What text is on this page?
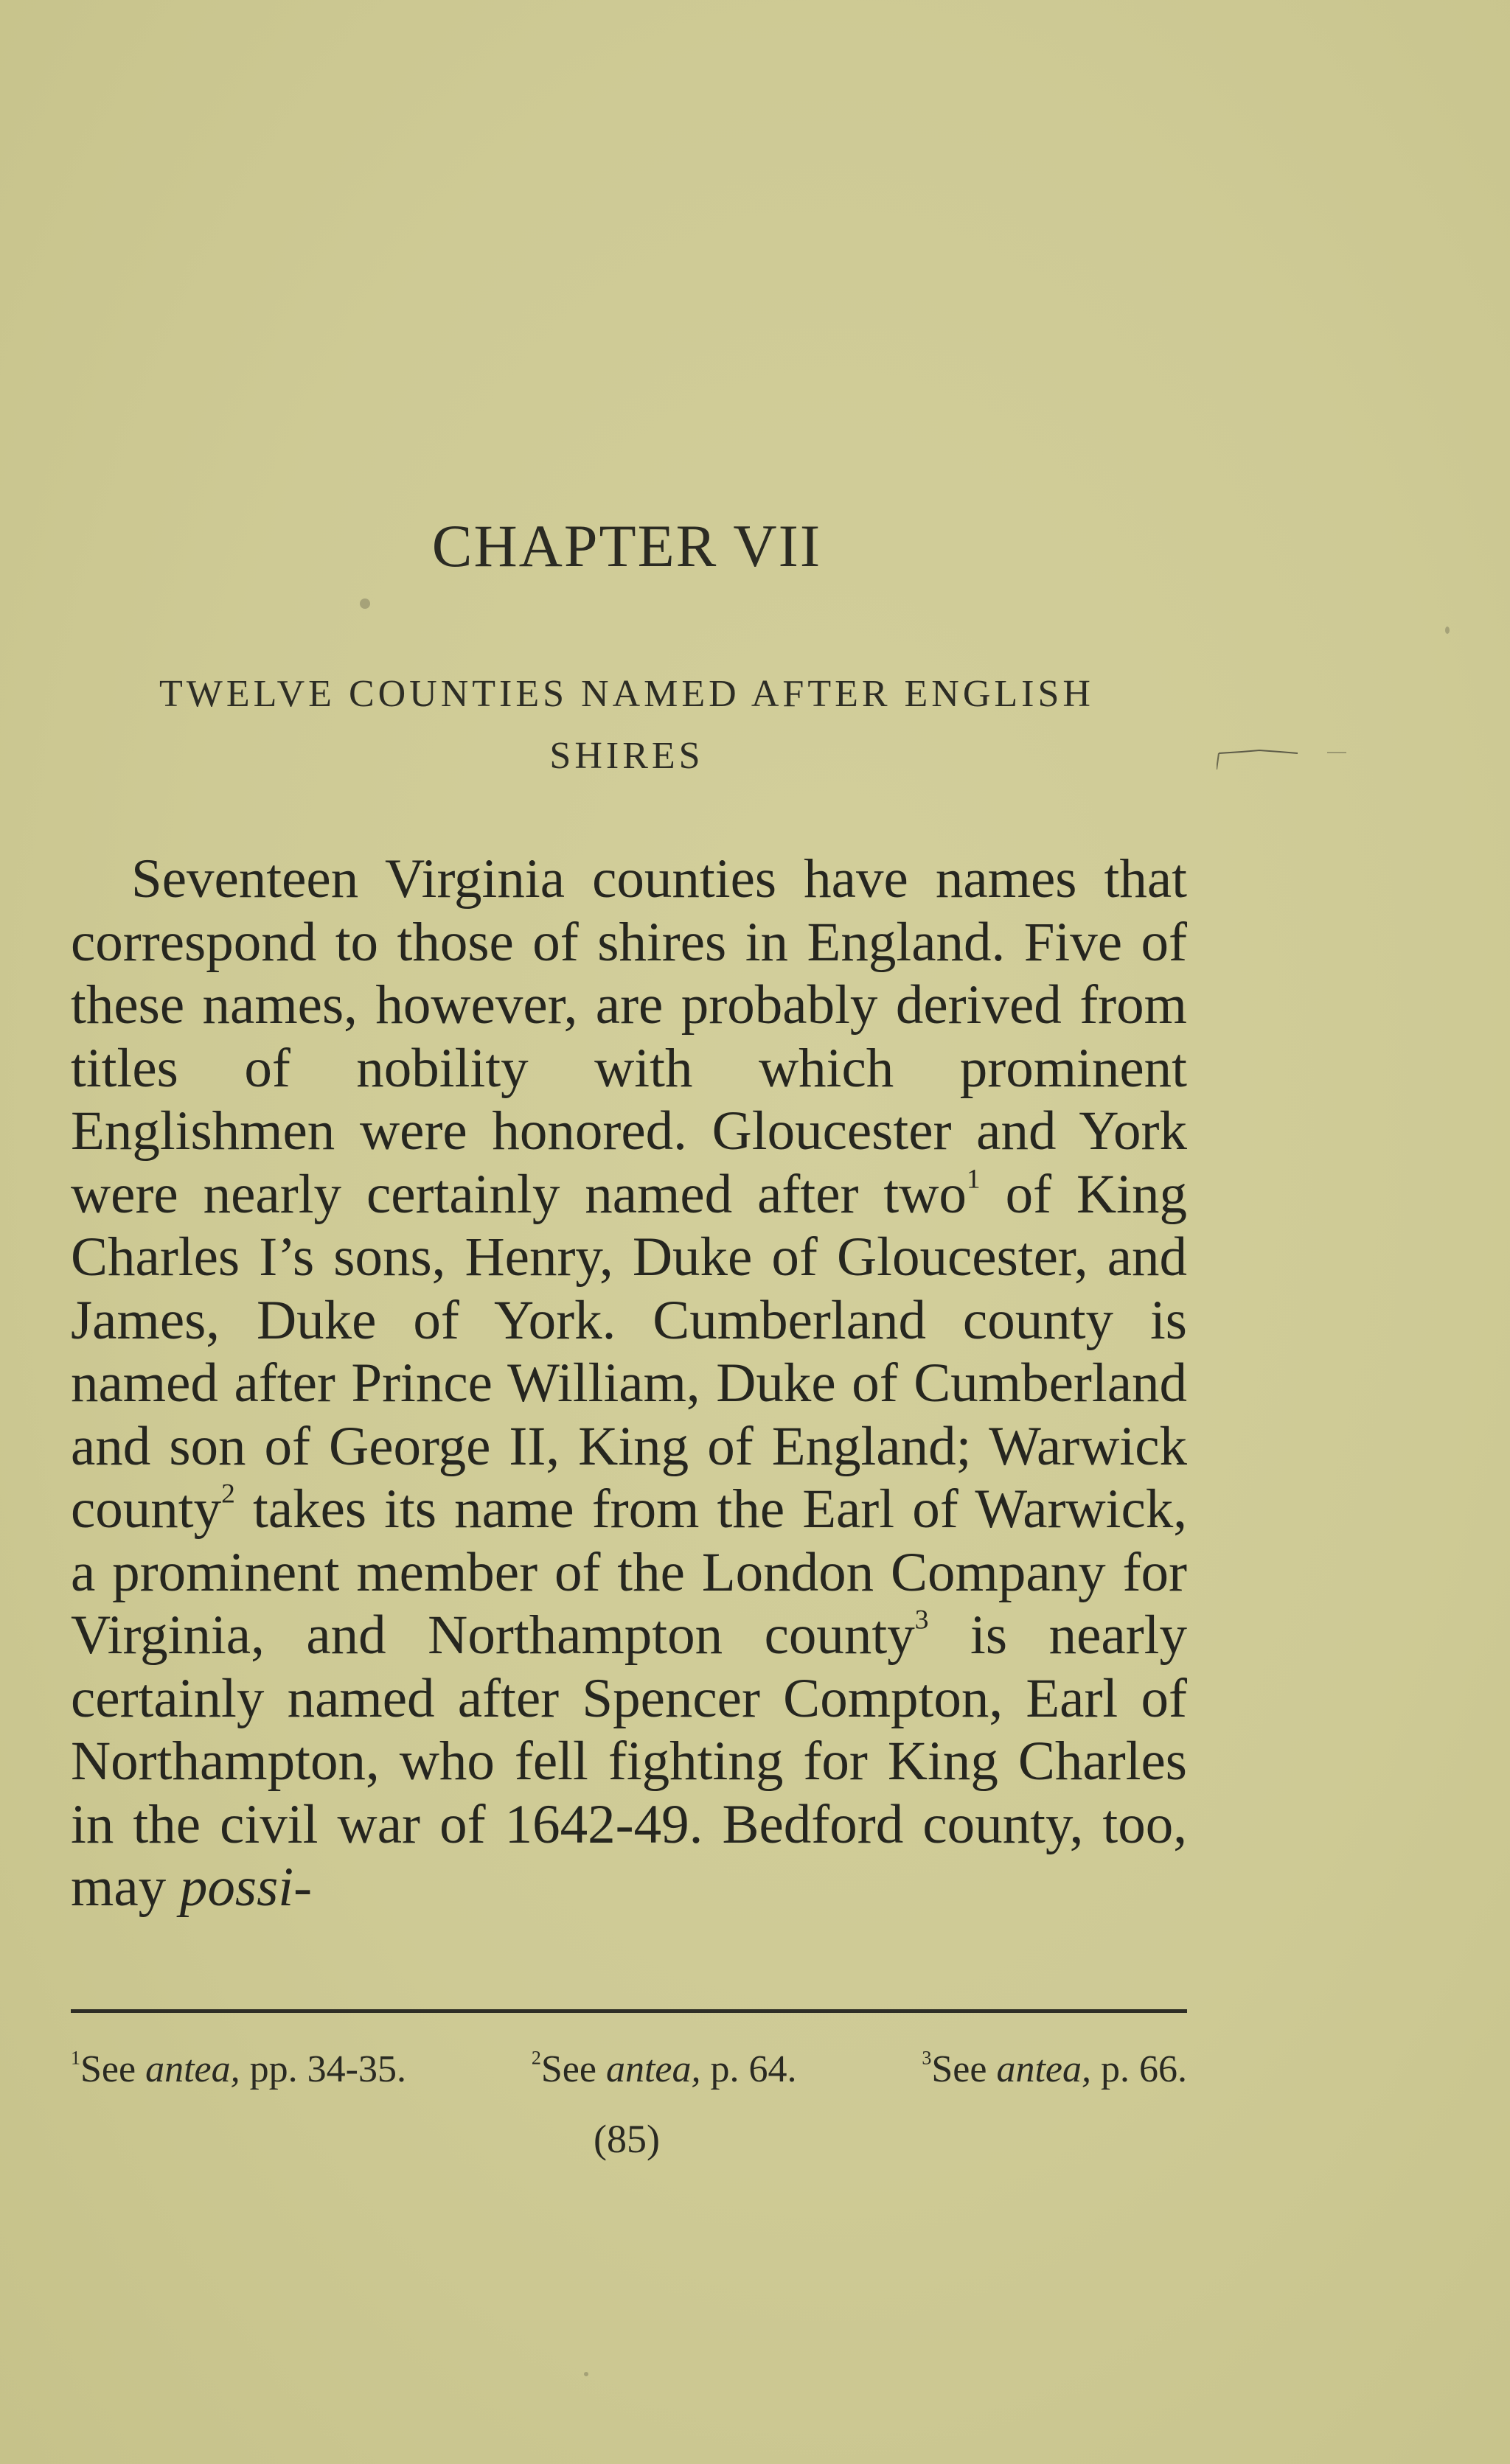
CHAPTER VII
TWELVE COUNTIES NAMED AFTER ENGLISH
SHIRES

Seventeen Virginia counties have names that correspond to those of shires in England. Five of these names, however, are probably derived from titles of nobility with which prominent Englishmen were honored. Gloucester and York were nearly certainly named after two$^1$ of King Charles I’s sons, Henry, Duke of Gloucester, and James, Duke of York. Cumberland county is named after Prince William, Duke of Cumberland and son of George II, King of England; Warwick county$^2$ takes its name from the Earl of Warwick, a prominent member of the London Company for Virginia, and Northampton county$^3$ is nearly certainly named after Spencer Compton, Earl of Northampton, who fell fighting for King Charles in the civil war of 1642-49. Bedford county, too, may possi-

$^1$See antea, pp. 34-35.	$^2$See antea, p. 64.	$^3$See antea, p. 66.
(85)
